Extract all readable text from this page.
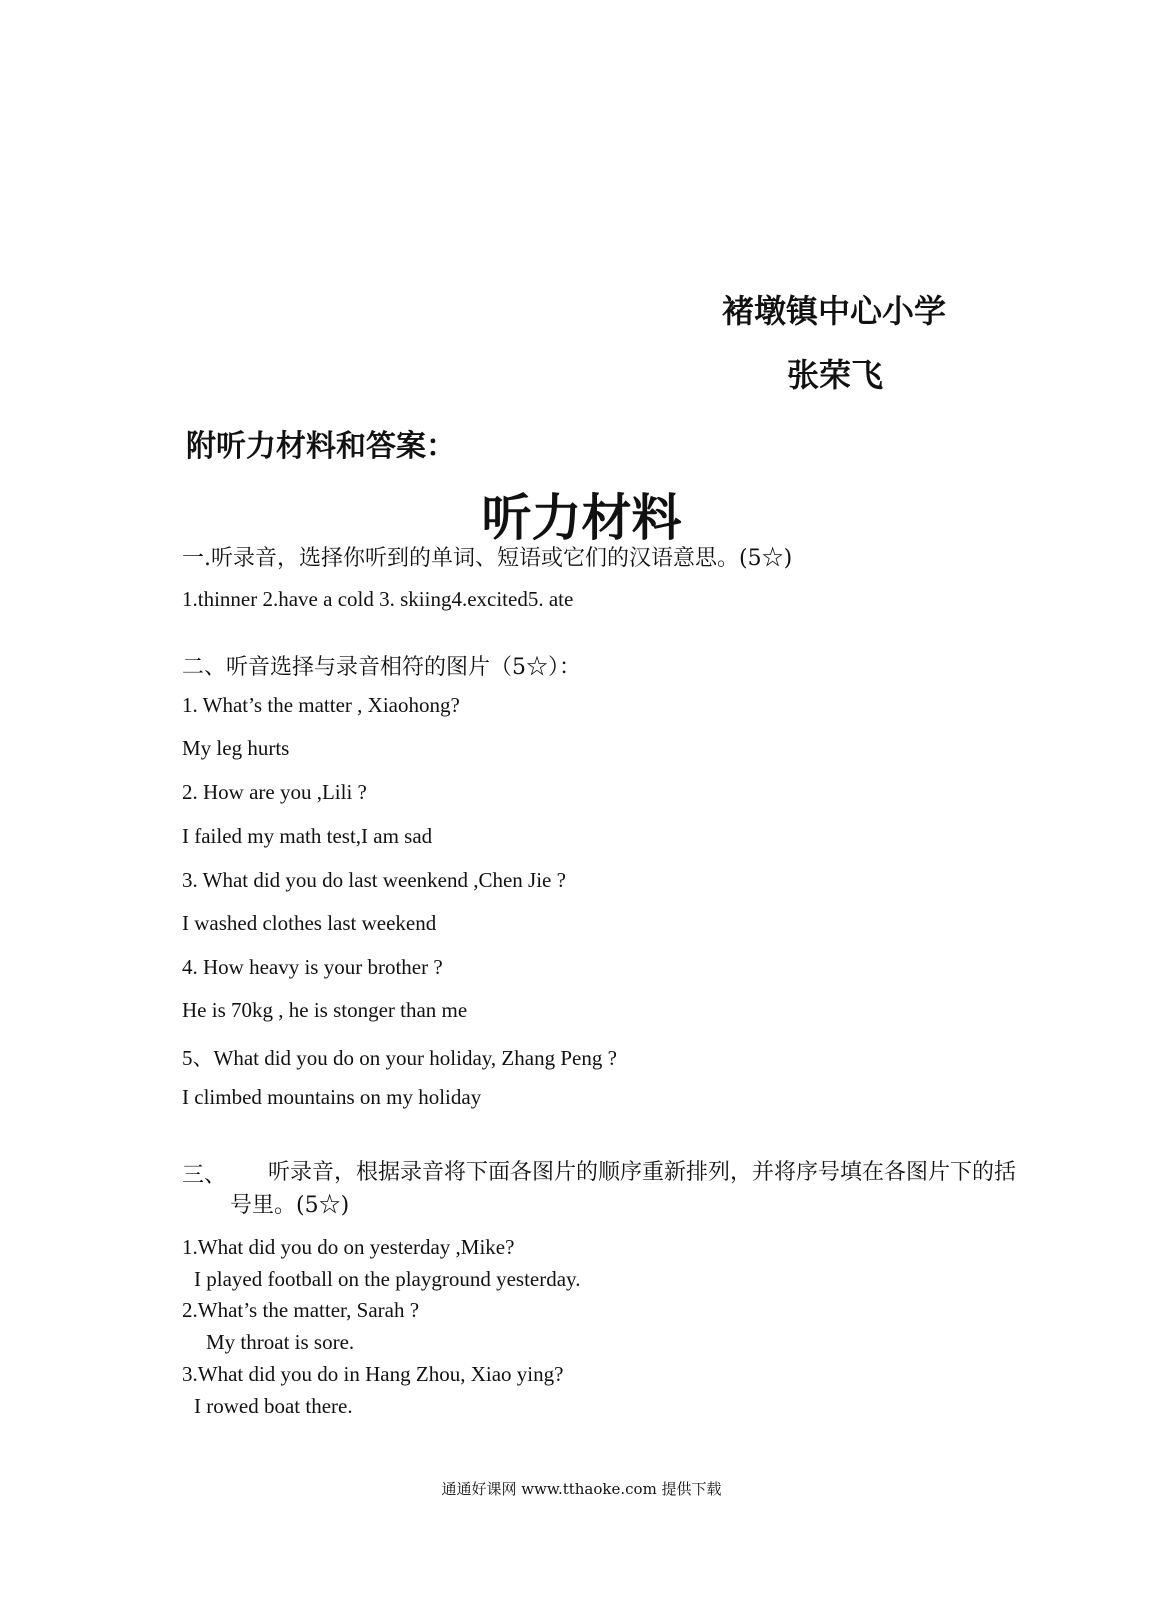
褚墩镇中心小学
张荣飞
附听力材料和答案：
听力材料
一.听录音，选择你听到的单词、短语或它们的汉语意思。(5☆)
1.thinner 2.have a cold 3. skiing4.excited5. ate
二、听音选择与录音相符的图片（5☆）：
1. What’s the matter , Xiaohong?
My leg hurts
2. How are you ,Lili ?
I failed my math test,I am sad
3. What did you do last weenkend ,Chen Jie ?
I washed clothes last weekend
4. How heavy is your brother ?
He is 70kg , he is stonger than me
5、What did you do on your holiday, Zhang Peng ?
I climbed mountains on my holiday
三、	听录音，根据录音将下面各图片的顺序重新排列，并将序号填在各图片下的括号里。(5☆)
1.What did you do on yesterday ,Mike?
I played football on the playground yesterday.
2.What’s the matter, Sarah ?
My throat is sore.
3.What did you do in Hang Zhou, Xiao ying?
I rowed boat there.
通通好课网 www.tthaoke.com 提供下载
